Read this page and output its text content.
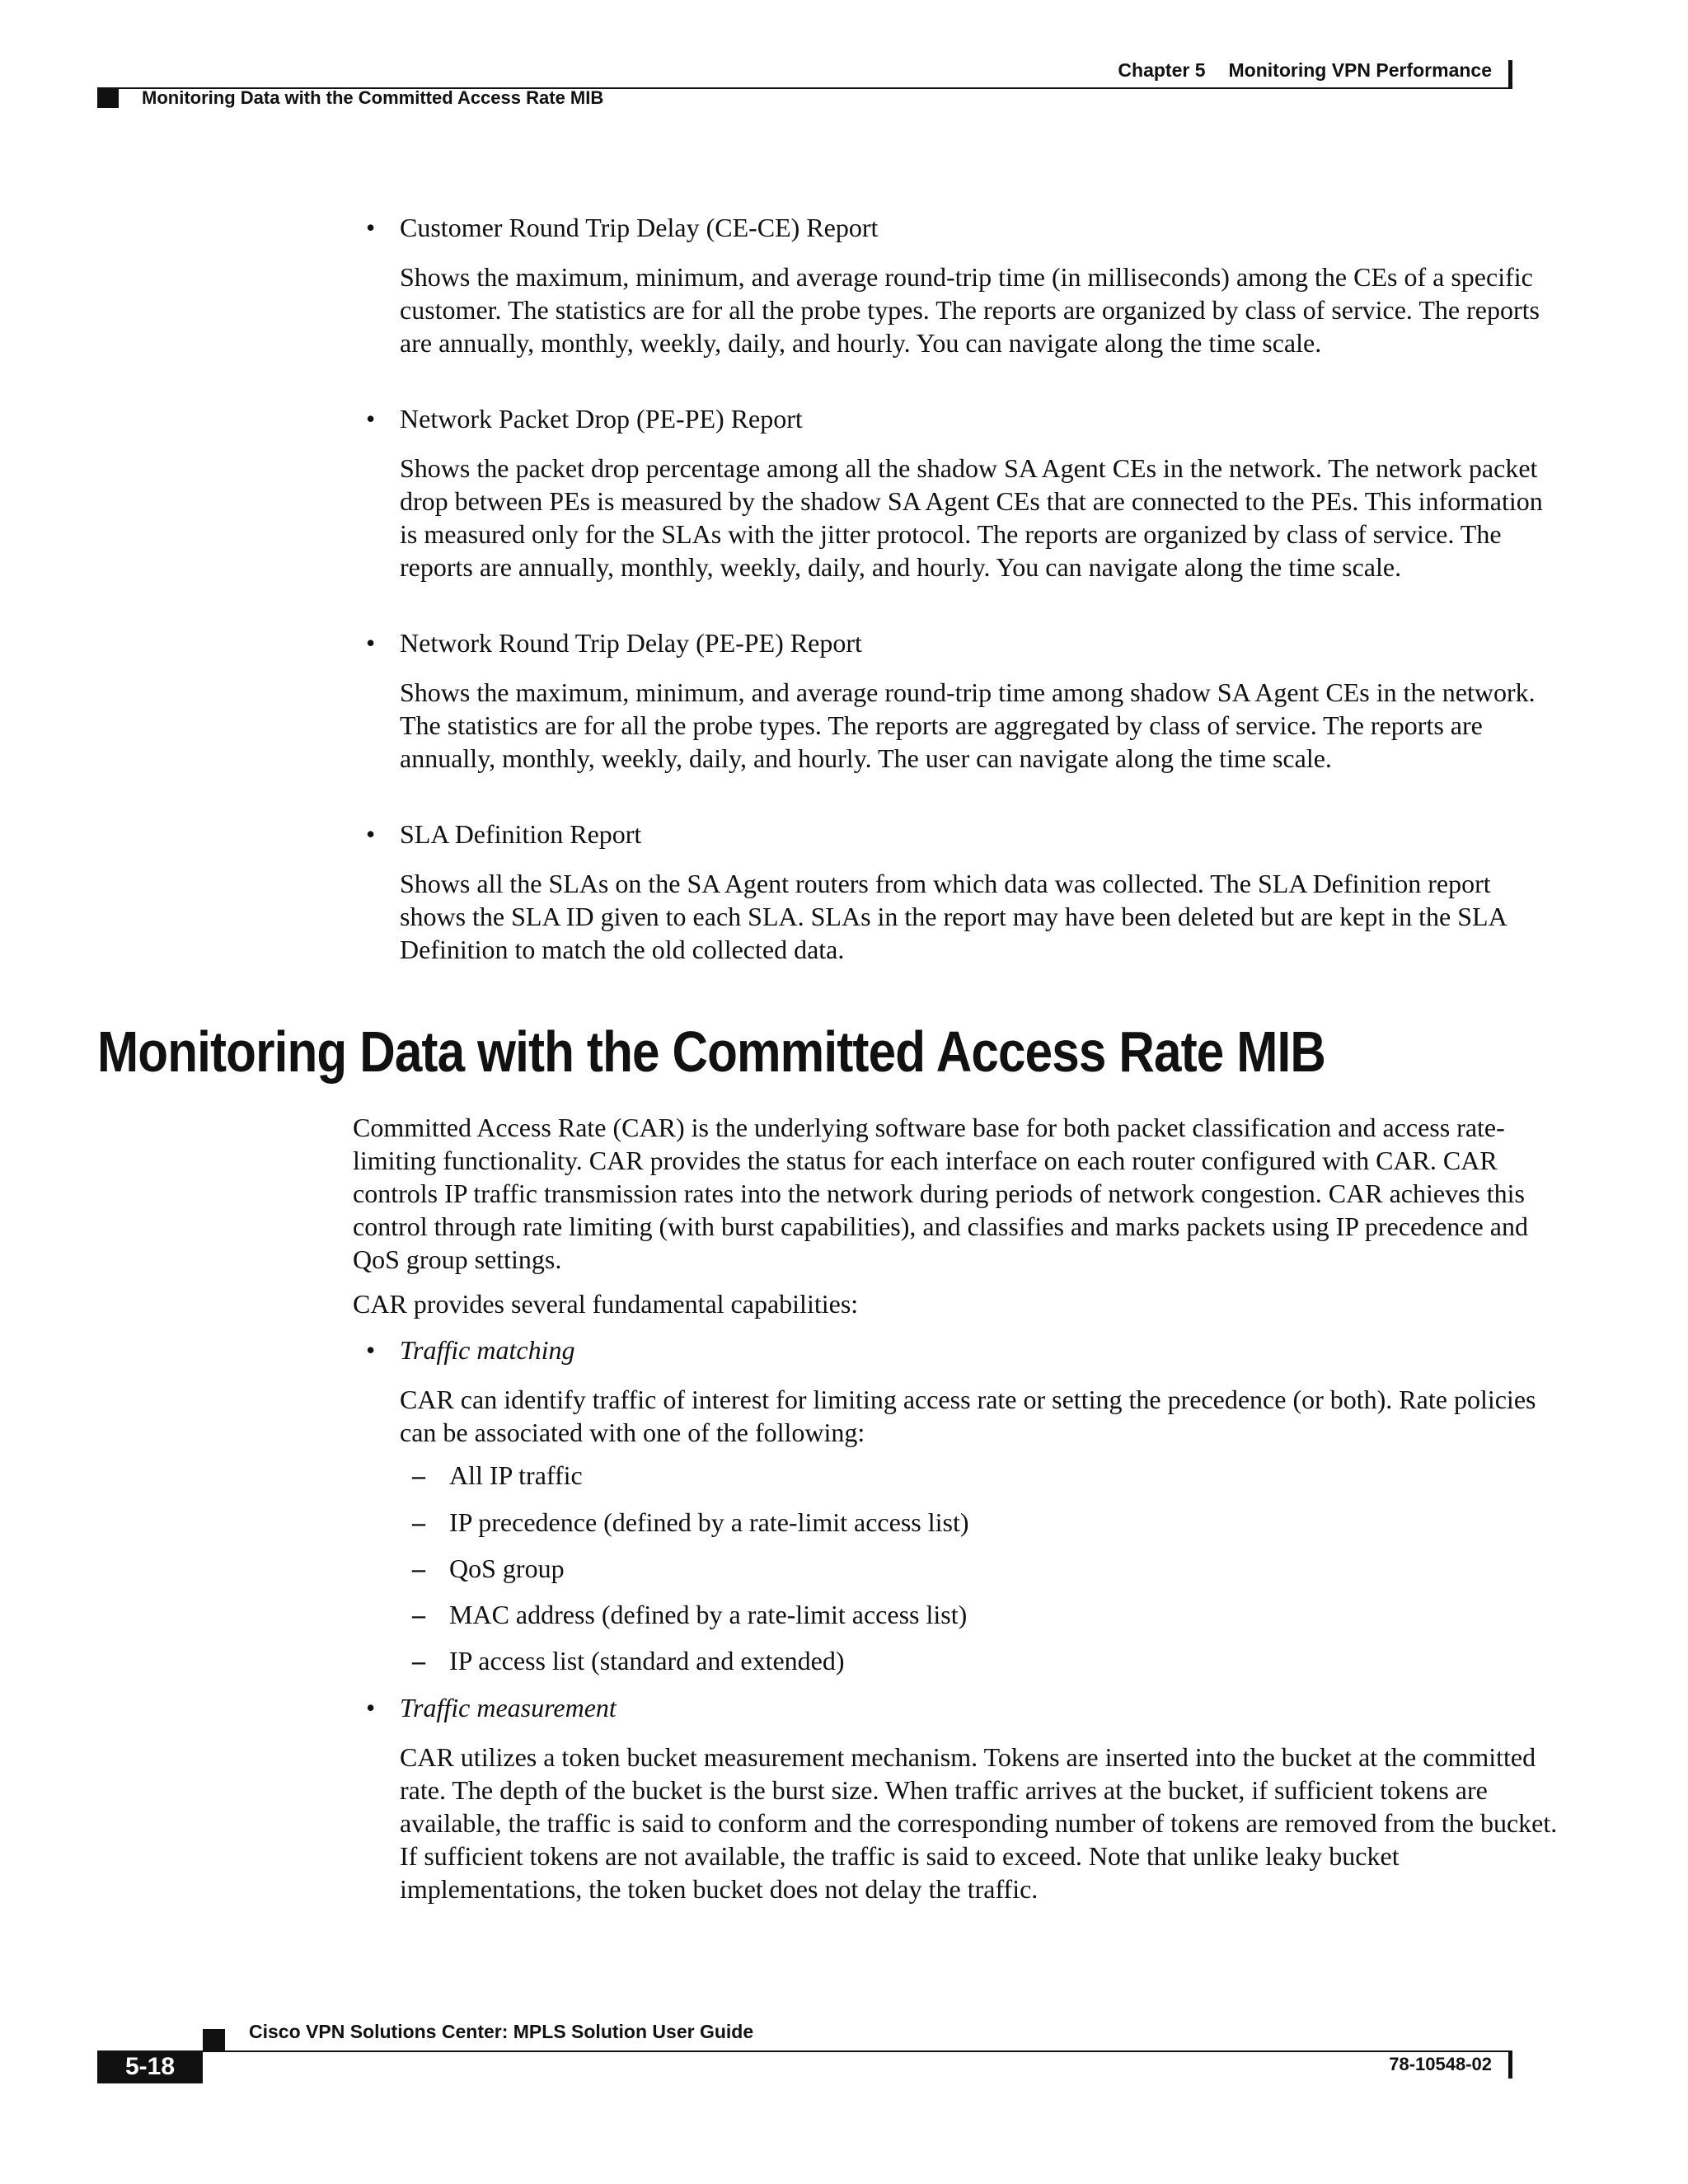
Chapter 5 Monitoring VPN Performance
Monitoring Data with the Committed Access Rate MIB
• Customer Round Trip Delay (CE-CE) Report
Shows the maximum, minimum, and average round-trip time (in milliseconds) among the CEs of a specific customer. The statistics are for all the probe types. The reports are organized by class of service. The reports are annually, monthly, weekly, daily, and hourly. You can navigate along the time scale.
• Network Packet Drop (PE-PE) Report
Shows the packet drop percentage among all the shadow SA Agent CEs in the network. The network packet drop between PEs is measured by the shadow SA Agent CEs that are connected to the PEs. This information is measured only for the SLAs with the jitter protocol. The reports are organized by class of service. The reports are annually, monthly, weekly, daily, and hourly. You can navigate along the time scale.
• Network Round Trip Delay (PE-PE) Report
Shows the maximum, minimum, and average round-trip time among shadow SA Agent CEs in the network. The statistics are for all the probe types. The reports are aggregated by class of service. The reports are annually, monthly, weekly, daily, and hourly. The user can navigate along the time scale.
• SLA Definition Report
Shows all the SLAs on the SA Agent routers from which data was collected. The SLA Definition report shows the SLA ID given to each SLA. SLAs in the report may have been deleted but are kept in the SLA Definition to match the old collected data.
Monitoring Data with the Committed Access Rate MIB
Committed Access Rate (CAR) is the underlying software base for both packet classification and access rate-limiting functionality. CAR provides the status for each interface on each router configured with CAR. CAR controls IP traffic transmission rates into the network during periods of network congestion. CAR achieves this control through rate limiting (with burst capabilities), and classifies and marks packets using IP precedence and QoS group settings.
CAR provides several fundamental capabilities:
• Traffic matching
CAR can identify traffic of interest for limiting access rate or setting the precedence (or both). Rate policies can be associated with one of the following:
– All IP traffic
– IP precedence (defined by a rate-limit access list)
– QoS group
– MAC address (defined by a rate-limit access list)
– IP access list (standard and extended)
• Traffic measurement
CAR utilizes a token bucket measurement mechanism. Tokens are inserted into the bucket at the committed rate. The depth of the bucket is the burst size. When traffic arrives at the bucket, if sufficient tokens are available, the traffic is said to conform and the corresponding number of tokens are removed from the bucket. If sufficient tokens are not available, the traffic is said to exceed. Note that unlike leaky bucket implementations, the token bucket does not delay the traffic.
Cisco VPN Solutions Center: MPLS Solution User Guide
5-18	78-10548-02
